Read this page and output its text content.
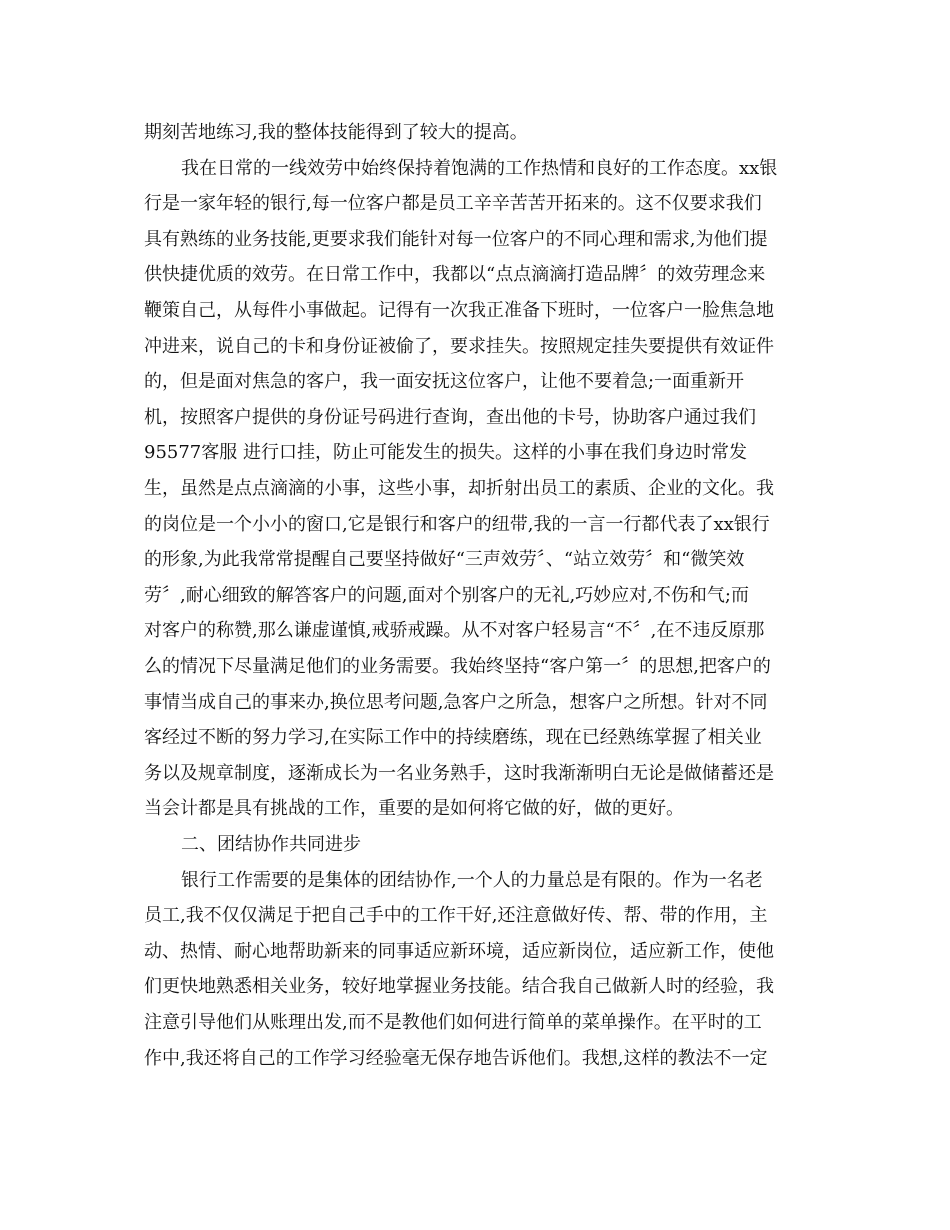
期刻苦地练习,我的整体技能得到了较大的提高。
我在日常的一线效劳中始终保持着饱满的工作热情和良好的工作态度。xx银
行是一家年轻的银行,每一位客户都是员工辛辛苦苦开拓来的。这不仅要求我们
具有熟练的业务技能,更要求我们能针对每一位客户的不同心理和需求,为他们提
供快捷优质的效劳。在日常工作中，我都以“点点滴滴打造品牌〞的效劳理念来
鞭策自己，从每件小事做起。记得有一次我正准备下班时，一位客户一脸焦急地
冲进来，说自己的卡和身份证被偷了，要求挂失。按照规定挂失要提供有效证件
的，但是面对焦急的客户，我一面安抚这位客户，让他不要着急;一面重新开
机，按照客户提供的身份证号码进行查询，查出他的卡号，协助客户通过我们
95577客服 进行口挂，防止可能发生的损失。这样的小事在我们身边时常发
生，虽然是点点滴滴的小事，这些小事，却折射出员工的素质、企业的文化。我
的岗位是一个小小的窗口,它是银行和客户的纽带,我的一言一行都代表了xx银行
的形象,为此我常常提醒自己要坚持做好“三声效劳〞、“站立效劳〞和“微笑效
劳〞,耐心细致的解答客户的问题,面对个别客户的无礼,巧妙应对,不伤和气;而
对客户的称赞,那么谦虚谨慎,戒骄戒躁。从不对客户轻易言“不〞,在不违反原那
么的情况下尽量满足他们的业务需要。我始终坚持“客户第一〞的思想,把客户的
事情当成自己的事来办,换位思考问题,急客户之所急，想客户之所想。针对不同
客经过不断的努力学习,在实际工作中的持续磨练，现在已经熟练掌握了相关业
务以及规章制度，逐渐成长为一名业务熟手，这时我渐渐明白无论是做储蓄还是
当会计都是具有挑战的工作，重要的是如何将它做的好，做的更好。
二、团结协作共同进步
银行工作需要的是集体的团结协作,一个人的力量总是有限的。作为一名老
员工,我不仅仅满足于把自己手中的工作干好,还注意做好传、帮、带的作用，主
动、热情、耐心地帮助新来的同事适应新环境，适应新岗位，适应新工作，使他
们更快地熟悉相关业务，较好地掌握业务技能。结合我自己做新人时的经验，我
注意引导他们从账理出发,而不是教他们如何进行简单的菜单操作。在平时的工
作中,我还将自己的工作学习经验毫无保存地告诉他们。我想,这样的教法不一定
